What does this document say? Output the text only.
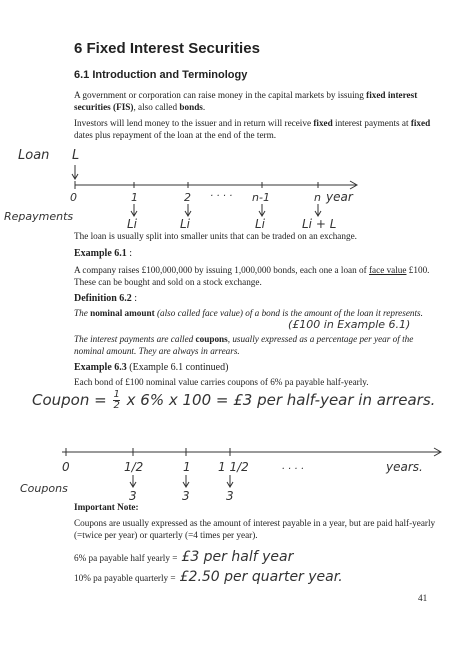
6 Fixed Interest Securities
6.1 Introduction and Terminology
A government or corporation can raise money in the capital markets by issuing fixed interest securities (FIS), also called bonds.
Investors will lend money to the issuer and in return will receive fixed interest payments at fixed dates plus repayment of the loan at the end of the term.
Loan L
0	1	2 · · · · n-1	n year
Repayments
Li	Li	Li	Li + L
The loan is usually split into smaller units that can be traded on an exchange.
Example 6.1 :
A company raises £100,000,000 by issuing 1,000,000 bonds, each one a loan of face value £100.
These can be bought and sold on a stock exchange.
Definition 6.2 :
The nominal amount (also called face value) of a bond is the amount of the loan it represents.
(£100 in Example 6.1)
The interest payments are called coupons, usually expressed as a percentage per year of the nominal amount. They are always in arrears.
Example 6.3 (Example 6.1 continued)
Each bond of £100 nominal value carries coupons of 6% pa payable half-yearly.
Coupon = $\frac{1}{2}$ x 6% x 100 = £3 per half-year in arrears.
0	1/2	1 1 1/2	. . . .	years.
Coupons
3	3	3
Important Note:
Coupons are usually expressed as the amount of interest payable in a year, but are paid half-yearly (=twice per year) or quarterly (=4 times per year).
6% pa payable half yearly = £3 per half year
10% pa payable quarterly = £2.50 per quarter year.
41
